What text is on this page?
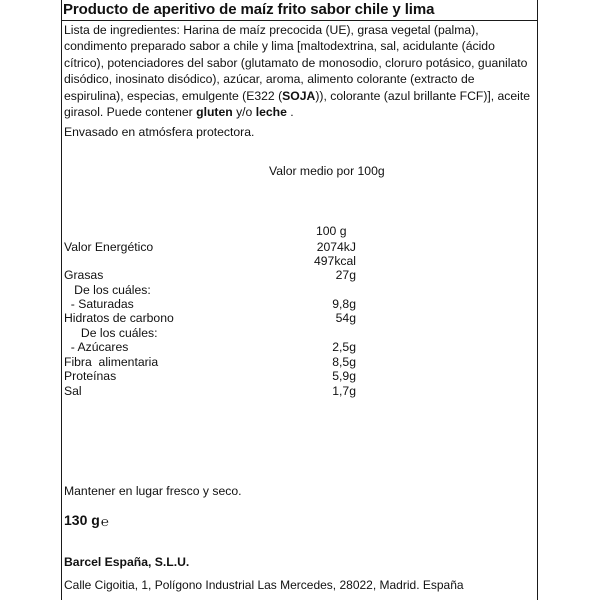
Producto de aperitivo de maíz frito sabor chile y lima
Lista de ingredientes: Harina de maíz precocida (UE), grasa vegetal (palma), condimento preparado sabor a chile y lima [maltodextrina, sal, acidulante (ácido cítrico), potenciadores del sabor (glutamato de monosodio, cloruro potásico, guanilato disódico, inosinato disódico), azúcar, aroma, alimento colorante (extracto de espirulina), especias, emulgente (E322 (SOJA)), colorante (azul brillante FCF)], aceite girasol. Puede contener gluten y/o leche .
Envasado en atmósfera protectora.
Valor medio por 100g
100 g
Valor Energético	2074kJ
497kcal
Grasas	27g
De los cuáles:
- Saturadas	9,8g
Hidratos de carbono	54g
De los cuáles:
- Azúcares	2,5g
Fibra  alimentaria	8,5g
Proteínas	5,9g
Sal	1,7g
Mantener en lugar fresco y seco.
130 g℮
Barcel España, S.L.U.
Calle Cigoitia, 1, Polígono Industrial Las Mercedes, 28022, Madrid. España
